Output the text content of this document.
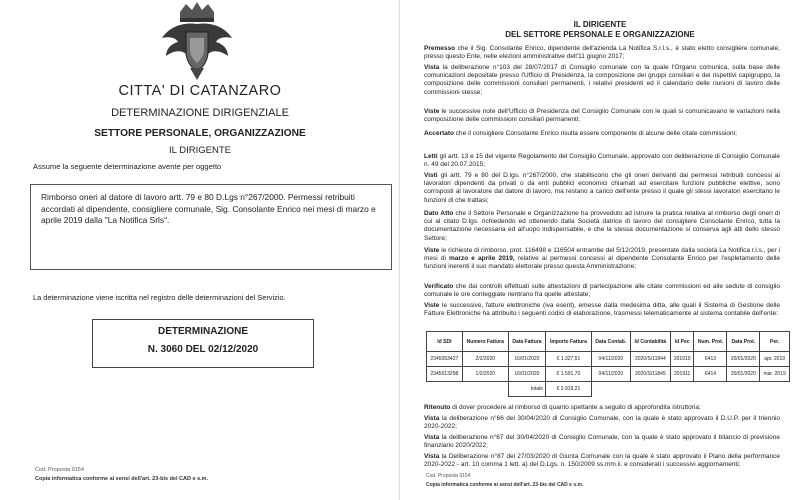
CITTA' DI CATANZARO
DETERMINAZIONE DIRIGENZIALE
SETTORE PERSONALE, ORGANIZZAZIONE
IL DIRIGENTE
Assume la seguente determinazione avente per oggetto
Rimborso oneri al datore di lavoro artt. 79 e 80 D.Lgs n°267/2000. Permessi retribuiti accordati al dipendente, consigliere comunale, Sig. Consolante Enrico nei mesi di marzo e aprile 2019 dalla "La Notifica Srls".
La determinazione viene iscritta nel registro delle determinazioni del Servizio.
DETERMINAZIONE
N. 3060 DEL 02/12/2020
Cod. Proposta 9154
Copia informatica conforme ai sensi dell'art. 23-bis del CAD e s.m.
IL DIRIGENTE
DEL SETTORE PERSONALE E ORGANIZZAZIONE

Premesso che il Sig. Consolante Enrico, dipendente dell'azienda La Notifica S.r.l.s., è stato eletto consigliere comunale, presso questo Ente, nelle elezioni amministrative dell'11 giugno 2017;

Vista la deliberazione n°103 del 28/07/2017 di Consiglio comunale con la quale l'Organo comunica, sulla base delle comunicazioni depositate presso l'Ufficio di Presidenza, la composizione dei gruppi consiliari e dei rispettivi capigruppo, la composizione delle commissioni consiliari permanenti, i relativi presidenti ed il calendario delle riunioni di lavoro delle commissioni stesse;

Viste le successive note dell'Ufficio di Presidenza del Consiglio Comunale con le quali si comunicavano le variazioni nella composizione delle commissioni consiliari permanenti;

Accertato che il consigliere Consolante Enrico risulta essere componente di alcune delle citate commissioni;

Letti gli artt. 13 e 15 del vigente Regolamento del Consiglio Comunale, approvato con deliberazione di Consiglio Comunale n. 49 del 20.07.2015;

Visti gli artt. 79 e 80 del D.lgs. n°267/2000, che stabiliscono che gli oneri derivanti dai permessi retribuiti concessi ai lavoratori dipendenti da privati o da enti pubblici economici chiamati ad esercitare funzioni pubbliche elettive, sono corrisposti al lavoratore dal datore di lavoro, ma restano a carico dell'ente presso il quale gli stessi lavoratori esercitano le funzioni di che trattasi;

Dato Atto che il Settore Personale e Organizzazione ha provveduto ad istruire la pratica relativa al rimborso degli oneri di cui al citato D.lgs. richiedendo ed ottenendo dalla Società datrice di lavoro del consigliere Consolante Enrico, tutta la documentazione necessaria ed all'uopo indispensabile, e che la stessa documentazione si conserva agli atti dello stesso Settore;

Viste le richieste di rimborso, prot. 116498 e 116504 entrambe del 5/12/2019, presentate dalla società La Notifica r.l.s., per i mesi di marzo e aprile 2019, relative ai permessi concessi al dipendente Consolante Enrico per l'espletamento delle funzioni inerenti il suo mandato elettorale presso questa Amministrazione;

Verificato che dai controlli effettuati sulle attestazioni di partecipazione alle citate commissioni ed alle sedute di consiglio comunale le ore conteggiate rientrano fra quelle attestate;

Viste le successive, fatture elettroniche (iva esent), emesse dalla medesima ditta, alle quali il Sistema di Gestione delle Fatture Elettroniche ha attribuito i seguenti codici di elaborazione, trasmessi telematicamente al sistema contabile dell'ente:

Id SDI	Numero Fattura	Data Fattura	Importo Fattura	Data Contab.	Id Contabilità	Id Pec	Num. Prot.	Data Prot.	Per.
2345053427	2/2/2020	16/01/2020	€ 1.327,51	04/11/2020	2020/S/11844	201910	6413	20/01/2020	apr. 2019
2345013298	1/2/2020	16/01/2020	€ 1.591,70	04/11/2020	2020/S/11845	201911	6414	20/01/2020	mar. 2019
		totale	€ 2.919,21						

Ritenuto di dover procedere al rimborso di quanto spettante a seguito di approfondita istruttoria;

Vista la deliberazione n°66 del 30/04/2020 di Consiglio Comunale, con la quale è stato approvato il D.U.P. per il triennio 2020-2022;

Vista la deliberazione n°67 del 30/04/2020 di Consiglio Comunale, con la quale è stato approvato il bilancio di previsione finanziario 2020/2022;

Vista la Deliberazione n°87 del 27/03/2020 di Giunta Comunale con la quale è stato approvato il Piano della performance 2020-2022 - art. 10 comma 1 lett. a) del D.Lgs. n. 150/2009 ss.mm.ii. e considerati i successivi aggiornamenti;

Cod. Proposta 9154
Copia informatica conforme ai sensi dell'art. 23-bis del CAD e s.m.
